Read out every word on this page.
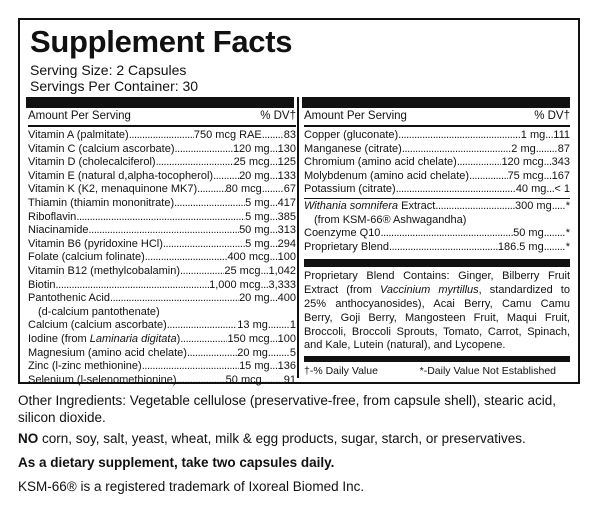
Supplement Facts
Serving Size: 2 Capsules
Servings Per Container: 30
Amount Per Serving	% DV†
Vitamin A (palmitate) .....	750 mcg RAE ..... 83
Vitamin C (calcium ascorbate) .....	120 mg ..... 130
Vitamin D (cholecalciferol) .....	25 mcg ..... 125
Vitamin E (natural d,alpha-tocopherol) ..... 20 mg ..... 133
Vitamin K (K2, menaquinone MK7) .....	80 mcg ..... 67
Thiamin (thiamin mononitrate) .....	5 mg ..... 417
Riboflavin .....	5 mg ..... 385
Niacinamide .....	50 mg ..... 313
Vitamin B6 (pyridoxine HCl) .....	5 mg ..... 294
Folate (calcium folinate) .....	400 mcg ..... 100
Vitamin B12 (methylcobalamin) .....	25 mcg ..... 1,042
Biotin .....	1,000 mcg ..... 3,333
Pantothenic Acid .....	20 mg ..... 400
(d-calcium pantothenate)
Calcium (calcium ascorbate) .....	13 mg ..... 1
Iodine (from Laminaria digitata) .....	150 mcg ..... 100
Magnesium (amino acid chelate) .....	20 mg ..... 5
Zinc (l-zinc methionine) .....	15 mg ..... 136
Selenium (l-selenomethionine) .....	50 mcg ..... 91
Amount Per Serving	% DV†
Copper (gluconate) .....	1 mg ..... 111
Manganese (citrate) .....	2 mg ..... 87
Chromium (amino acid chelate) .....	120 mcg ..... 343
Molybdenum (amino acid chelate) .....	75 mcg ..... 167
Potassium (citrate) .....	40 mg ..... < 1
Withania somnifera Extract .....	300 mg ..... *
(from KSM-66® Ashwagandha)
Coenzyme Q10 .....	50 mg ..... *
Proprietary Blend .....	186.5 mg ..... *
Proprietary Blend Contains: Ginger, Bilberry Fruit Extract (from Vaccinium myrtillus, standardized to 25% anthocyanosides), Acai Berry, Camu Camu Berry, Goji Berry, Mangosteen Fruit, Maqui Fruit, Broccoli, Broccoli Sprouts, Tomato, Carrot, Spinach, and Kale, Lutein (natural), and Lycopene.
†-% Daily Value	*-Daily Value Not Established
Other Ingredients: Vegetable cellulose (preservative-free, from capsule shell), stearic acid, silicon dioxide.
NO corn, soy, salt, yeast, wheat, milk & egg products, sugar, starch, or preservatives.
As a dietary supplement, take two capsules daily.
KSM-66® is a registered trademark of Ixoreal Biomed Inc.
